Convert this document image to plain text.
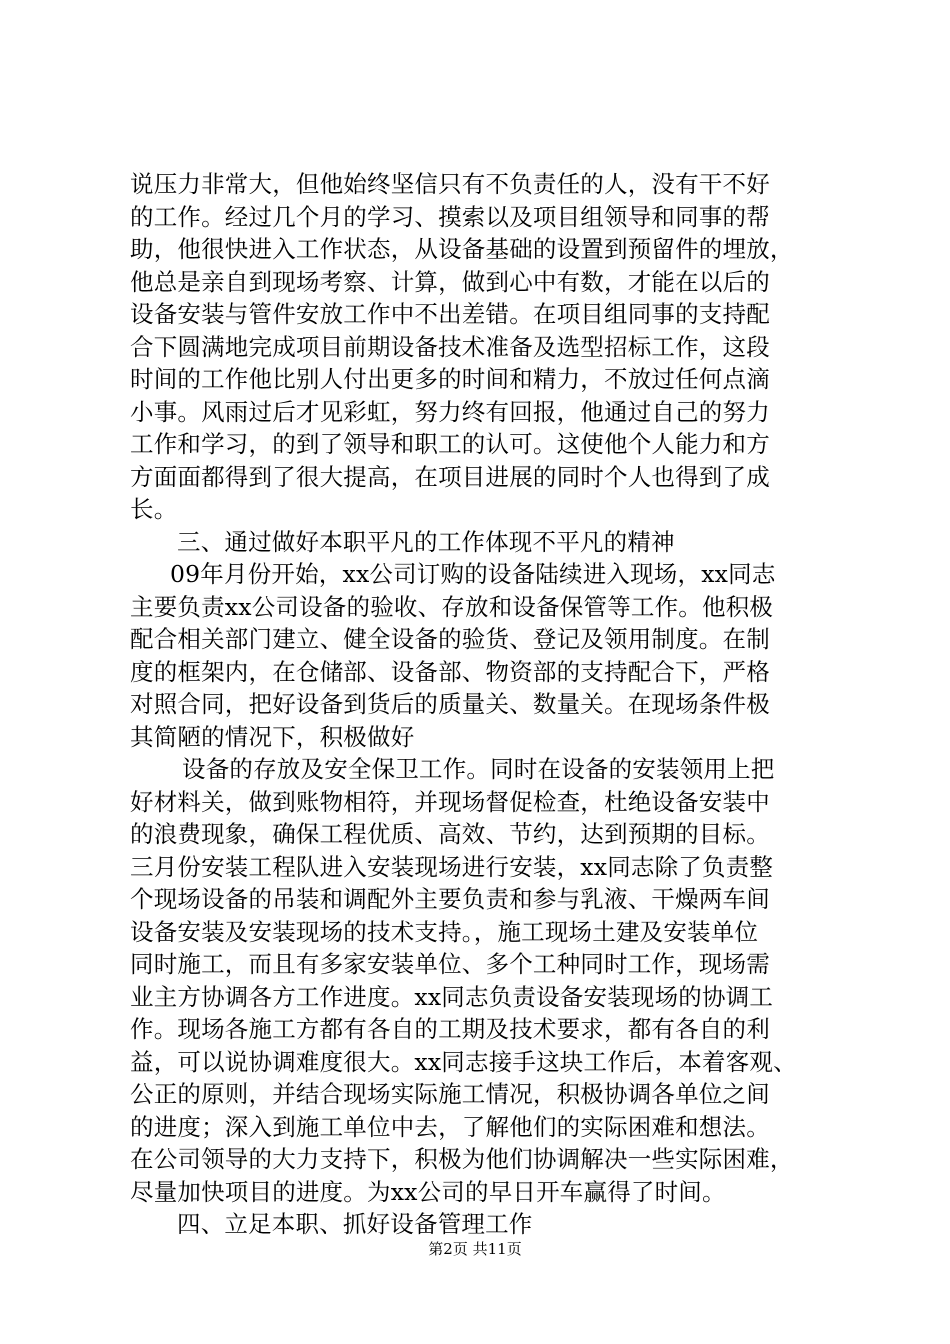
说压力非常大，但他始终坚信只有不负责任的人，没有干不好
的工作。经过几个月的学习、摸索以及项目组领导和同事的帮
助，他很快进入工作状态，从设备基础的设置到预留件的埋放，
他总是亲自到现场考察、计算，做到心中有数，才能在以后的
设备安装与管件安放工作中不出差错。在项目组同事的支持配
合下圆满地完成项目前期设备技术准备及选型招标工作，这段
时间的工作他比别人付出更多的时间和精力，不放过任何点滴
小事。风雨过后才见彩虹，努力终有回报，他通过自己的努力
工作和学习，的到了领导和职工的认可。这使他个人能力和方
方面面都得到了很大提高，在项目进展的同时个人也得到了成
长。
三、通过做好本职平凡的工作体现不平凡的精神
09年月份开始，xx公司订购的设备陆续进入现场，xx同志
主要负责xx公司设备的验收、存放和设备保管等工作。他积极
配合相关部门建立、健全设备的验货、登记及领用制度。在制
度的框架内，在仓储部、设备部、物资部的支持配合下，严格
对照合同，把好设备到货后的质量关、数量关。在现场条件极
其简陋的情况下，积极做好
设备的存放及安全保卫工作。同时在设备的安装领用上把
好材料关，做到账物相符，并现场督促检查，杜绝设备安装中
的浪费现象，确保工程优质、高效、节约，达到预期的目标。
三月份安装工程队进入安装现场进行安装，xx同志除了负责整
个现场设备的吊装和调配外主要负责和参与乳液、干燥两车间
设备安装及安装现场的技术支持。，施工现场土建及安装单位
同时施工，而且有多家安装单位、多个工种同时工作，现场需
业主方协调各方工作进度。xx同志负责设备安装现场的协调工
作。现场各施工方都有各自的工期及技术要求，都有各自的利
益，可以说协调难度很大。xx同志接手这块工作后，本着客观、
公正的原则，并结合现场实际施工情况，积极协调各单位之间
的进度；深入到施工单位中去，了解他们的实际困难和想法。
在公司领导的大力支持下，积极为他们协调解决一些实际困难，
尽量加快项目的进度。为xx公司的早日开车赢得了时间。
四、立足本职、抓好设备管理工作
第2页 共11页
